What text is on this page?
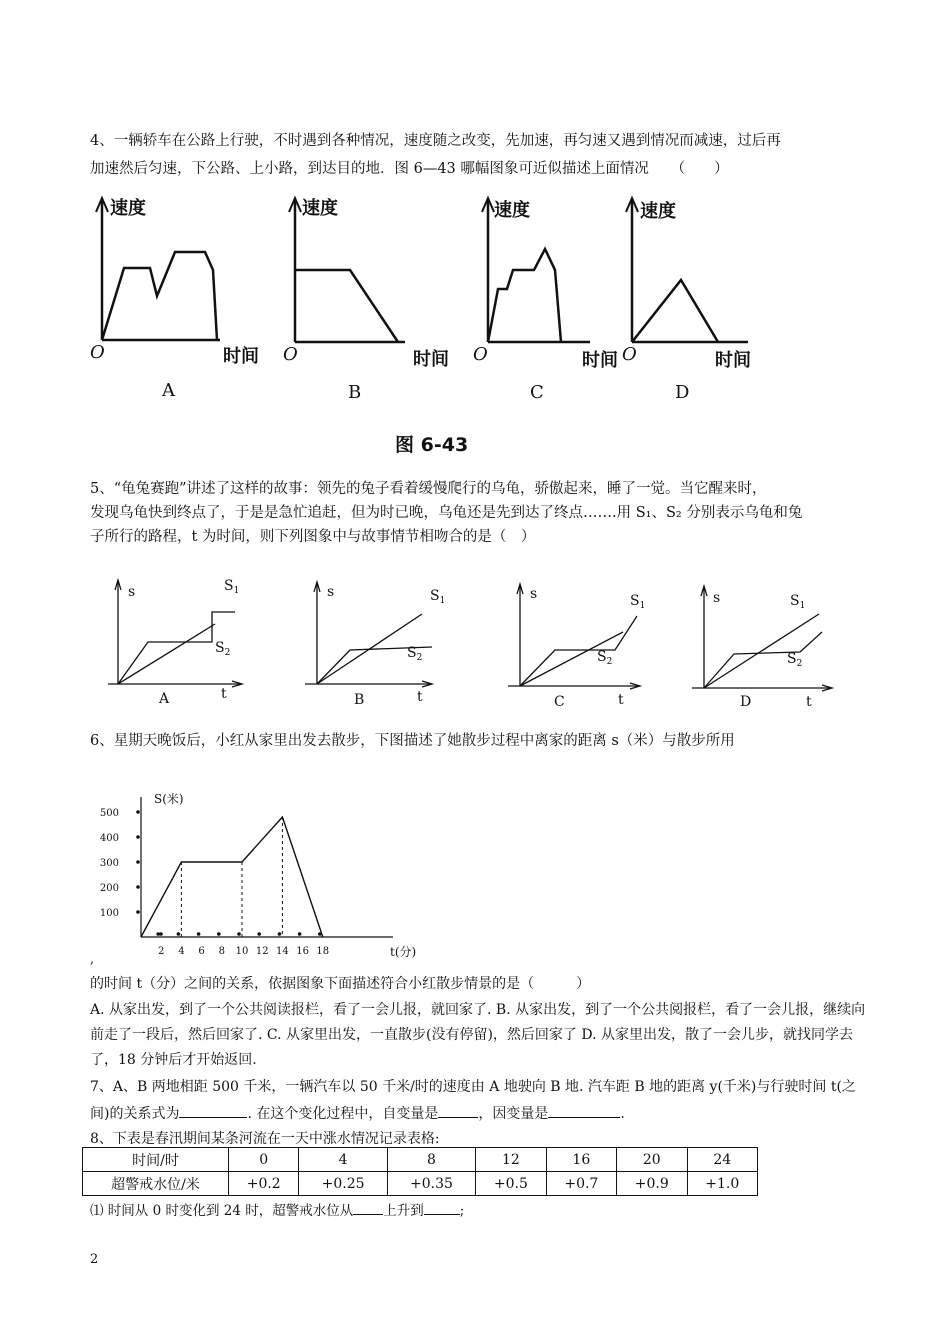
4、一辆轿车在公路上行驶，不时遇到各种情况，速度随之改变，先加速，再匀速又遇到情况而减速，过后再
加速然后匀速，下公路、上小路，到达目的地．图 6—43 哪幅图象可近似描述上面情况　　（　　）
速度	速度	速度	速度
时间	时间	时间	时间
O	O	O	O
A	B	C	D
图 6-43
5、“龟兔赛跑”讲述了这样的故事：领先的兔子看着缓慢爬行的乌龟，骄傲起来，睡了一觉。当它醒来时，
发现乌龟快到终点了，于是是急忙追赶，但为时已晚，乌龟还是先到达了终点…….用 S₁、S₂ 分别表示乌龟和兔
子所行的路程，t 为时间，则下列图象中与故事情节相吻合的是（　）
s	s	s	s
t	t	t	t
A	B	C	D
$S_1$
$S_2$
$S_1$
$S_2$
$S_1$
$S_2$
$S_1$
$S_2$
6、星期天晚饭后，小红从家里出发去散步，下图描述了她散步过程中离家的距离 s（米）与散步所用
S(米)
t(分)
,
100
200
300
400
500
2 4 6 8 10 12 14 16 18
的时间 t（分）之间的关系，依据图象下面描述符合小红散步情景的是（　　　）
A. 从家出发，到了一个公共阅读报栏，看了一会儿报，就回家了. B. 从家出发，到了一个公共阅报栏，看了一会儿报，继续向前走了一段后，然后回家了. C. 从家里出发，一直散步(没有停留)，然后回家了 D. 从家里出发，散了一会儿步，就找同学去了，18 分钟后才开始返回.
7、A、B 两地相距 500 千米，一辆汽车以 50 千米/时的速度由 A 地驶向 B 地. 汽车距 B 地的距离 y(千米)与行驶时间 t(之间)的关系式为	. 在这个变化过程中，自变量是	，因变量是	.
8、下表是春汛期间某条河流在一天中涨水情况记录表格:
时间/时	0	4	8	12	16	20	24
超警戒水位/米	+0.2	+0.25	+0.35	+0.5	+0.7	+0.9	+1.0
⑴ 时间从 0 时变化到 24 时，超警戒水位从 上升到	;
2
